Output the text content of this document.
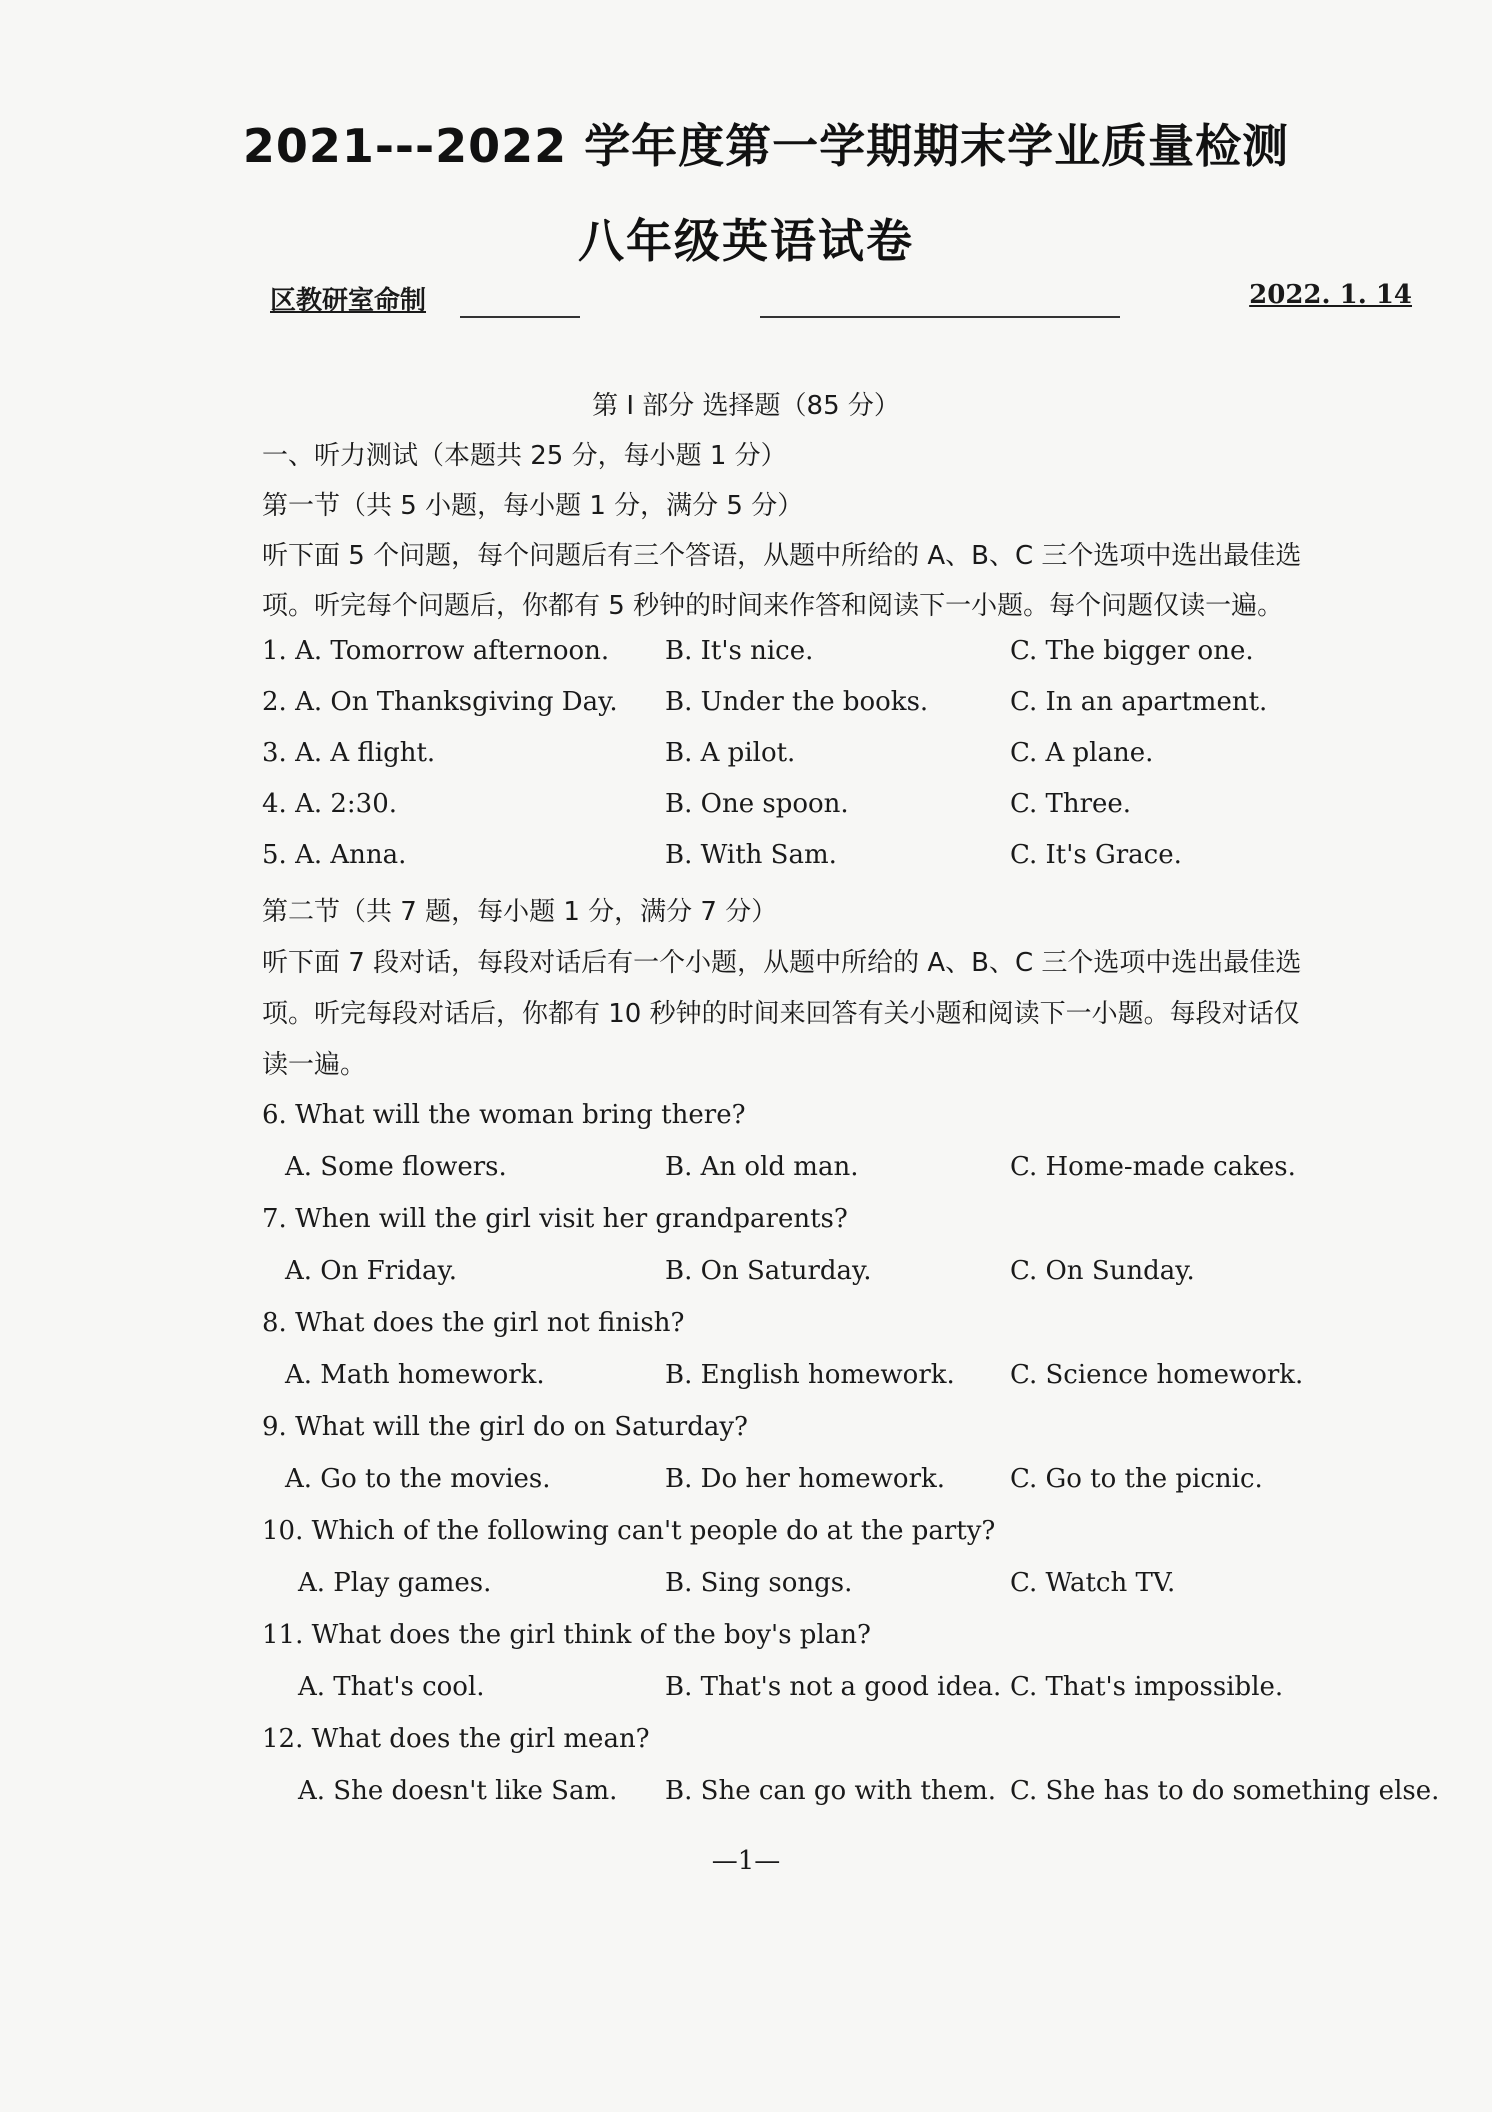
2021---2022 学年度第一学期期末学业质量检测
八年级英语试卷
区教研室命制	2022. 1. 14
第 I 部分 选择题（85 分）
一、听力测试（本题共 25 分，每小题 1 分）
第一节（共 5 小题，每小题 1 分，满分 5 分）
听下面 5 个问题，每个问题后有三个答语，从题中所给的 A、B、C 三个选项中选出最佳选
项。听完每个问题后，你都有 5 秒钟的时间来作答和阅读下一小题。每个问题仅读一遍。
1. A. Tomorrow afternoon. B. It's nice.	C. The bigger one.
2. A. On Thanksgiving Day. B. Under the books.	C. In an apartment.
3. A. A flight.	B. A pilot.	C. A plane.
4. A. 2:30.	B. One spoon.	C. Three.
5. A. Anna.	B. With Sam.	C. It's Grace.
第二节（共 7 题，每小题 1 分，满分 7 分）
听下面 7 段对话，每段对话后有一个小题，从题中所给的 A、B、C 三个选项中选出最佳选
项。听完每段对话后，你都有 10 秒钟的时间来回答有关小题和阅读下一小题。每段对话仅
读一遍。
6. What will the woman bring there?
A. Some flowers.	B. An old man.	C. Home-made cakes.
7. When will the girl visit her grandparents?
A. On Friday.	B. On Saturday.	C. On Sunday.
8. What does the girl not finish?
A. Math homework.	B. English homework. C. Science homework.
9. What will the girl do on Saturday?
A. Go to the movies.	B. Do her homework. C. Go to the picnic.
10. Which of the following can't people do at the party?
A. Play games.	B. Sing songs.	C. Watch TV.
11. What does the girl think of the boy's plan?
A. That's cool.	B. That's not a good idea. C. That's impossible.
12. What does the girl mean?
A. She doesn't like Sam. B. She can go with them. C. She has to do something else.
—1—
